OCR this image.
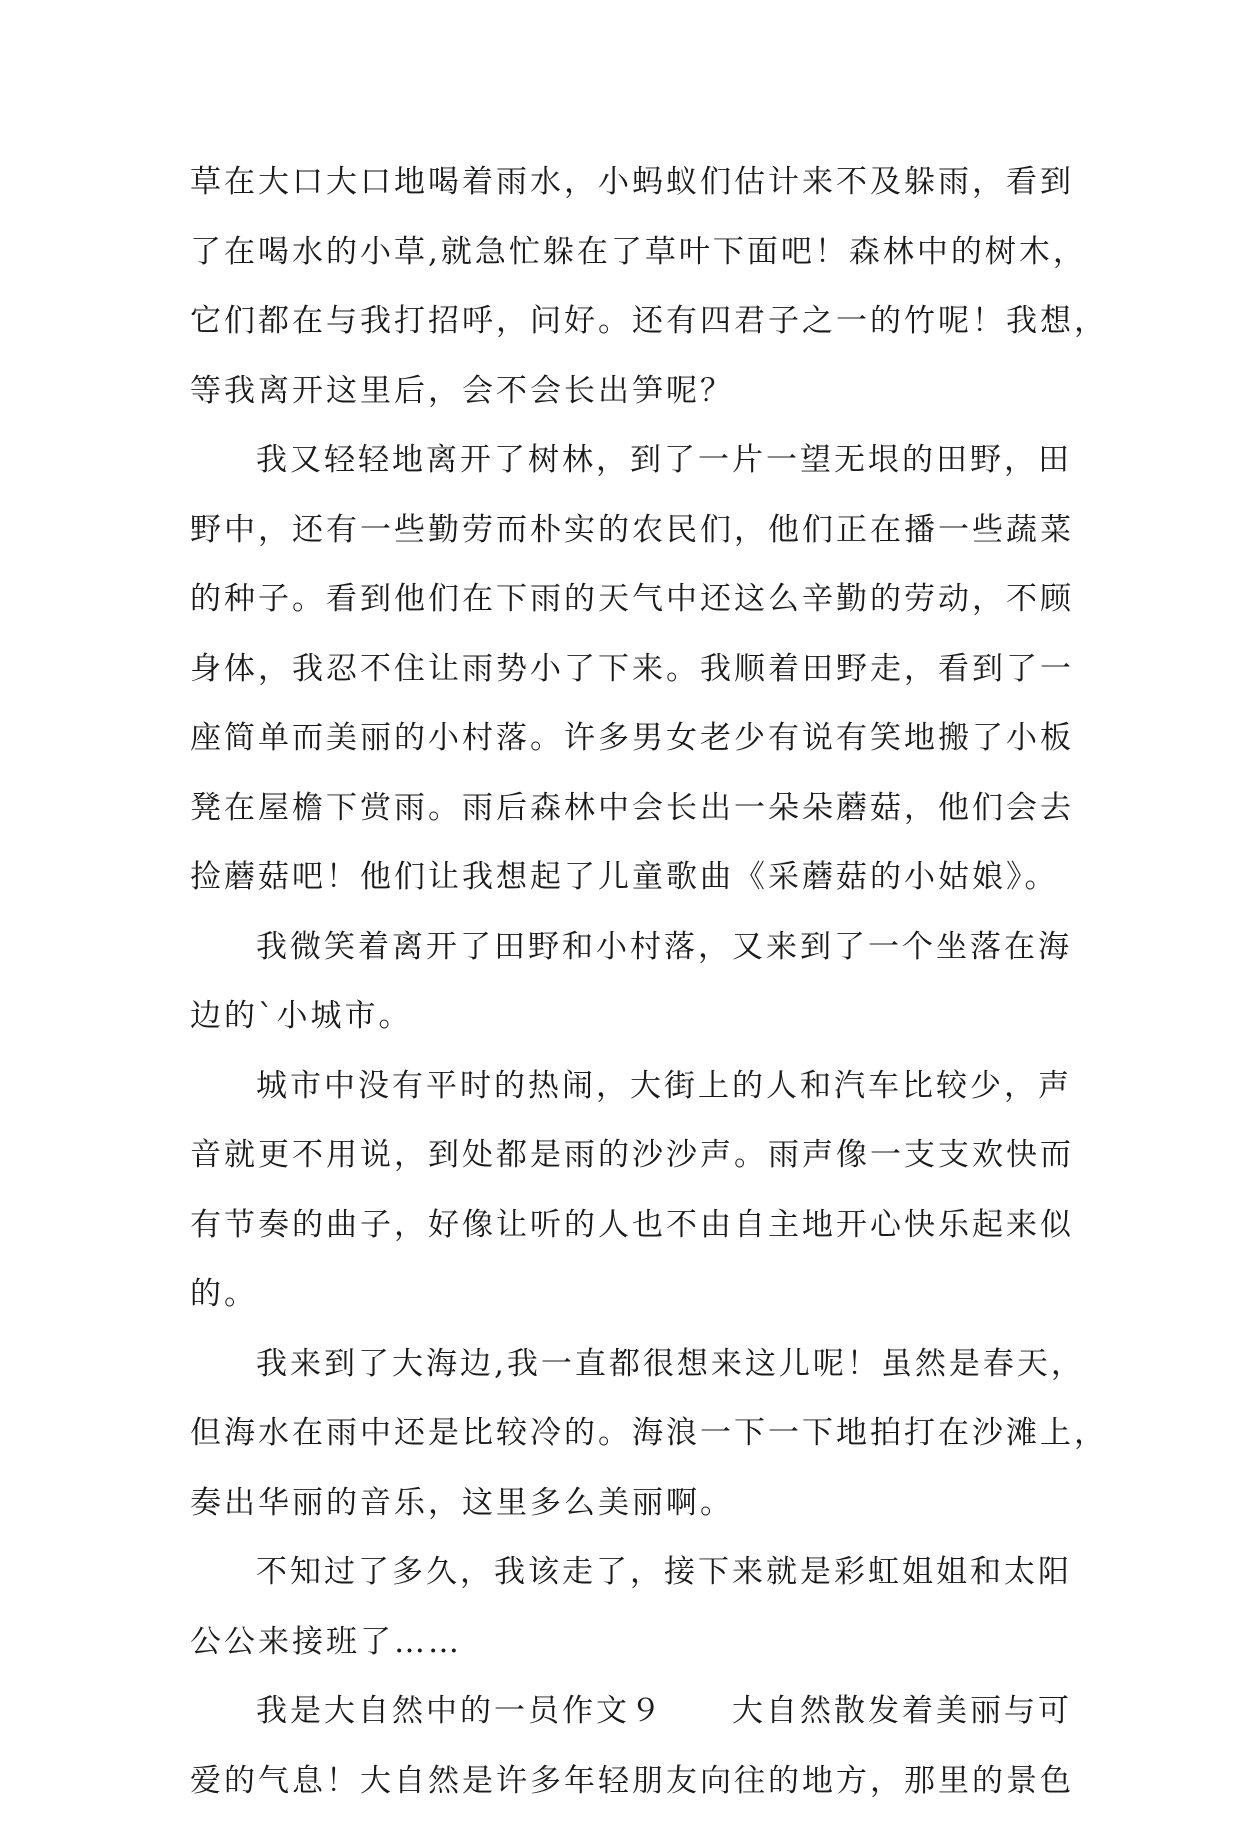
草在大口大口地喝着雨水，小蚂蚁们估计来不及躲雨，看到
了在喝水的小草,就急忙躲在了草叶下面吧！森林中的树木，
它们都在与我打招呼，问好。还有四君子之一的竹呢！我想，
等我离开这里后，会不会长出笋呢？
我又轻轻地离开了树林，到了一片一望无垠的田野，田
野中，还有一些勤劳而朴实的农民们，他们正在播一些蔬菜
的种子。看到他们在下雨的天气中还这么辛勤的劳动，不顾
身体，我忍不住让雨势小了下来。我顺着田野走，看到了一
座简单而美丽的小村落。许多男女老少有说有笑地搬了小板
凳在屋檐下赏雨。雨后森林中会长出一朵朵蘑菇，他们会去
捡蘑菇吧！他们让我想起了儿童歌曲《采蘑菇的小姑娘》。
我微笑着离开了田野和小村落，又来到了一个坐落在海
边的`小城市。
城市中没有平时的热闹，大街上的人和汽车比较少，声
音就更不用说，到处都是雨的沙沙声。雨声像一支支欢快而
有节奏的曲子，好像让听的人也不由自主地开心快乐起来似
的。
我来到了大海边,我一直都很想来这儿呢！虽然是春天，
但海水在雨中还是比较冷的。海浪一下一下地拍打在沙滩上，
奏出华丽的音乐，这里多么美丽啊。
不知过了多久，我该走了，接下来就是彩虹姐姐和太阳
公公来接班了……
我是大自然中的一员作文９　　大自然散发着美丽与可
爱的气息！大自然是许多年轻朋友向往的地方，那里的景色
